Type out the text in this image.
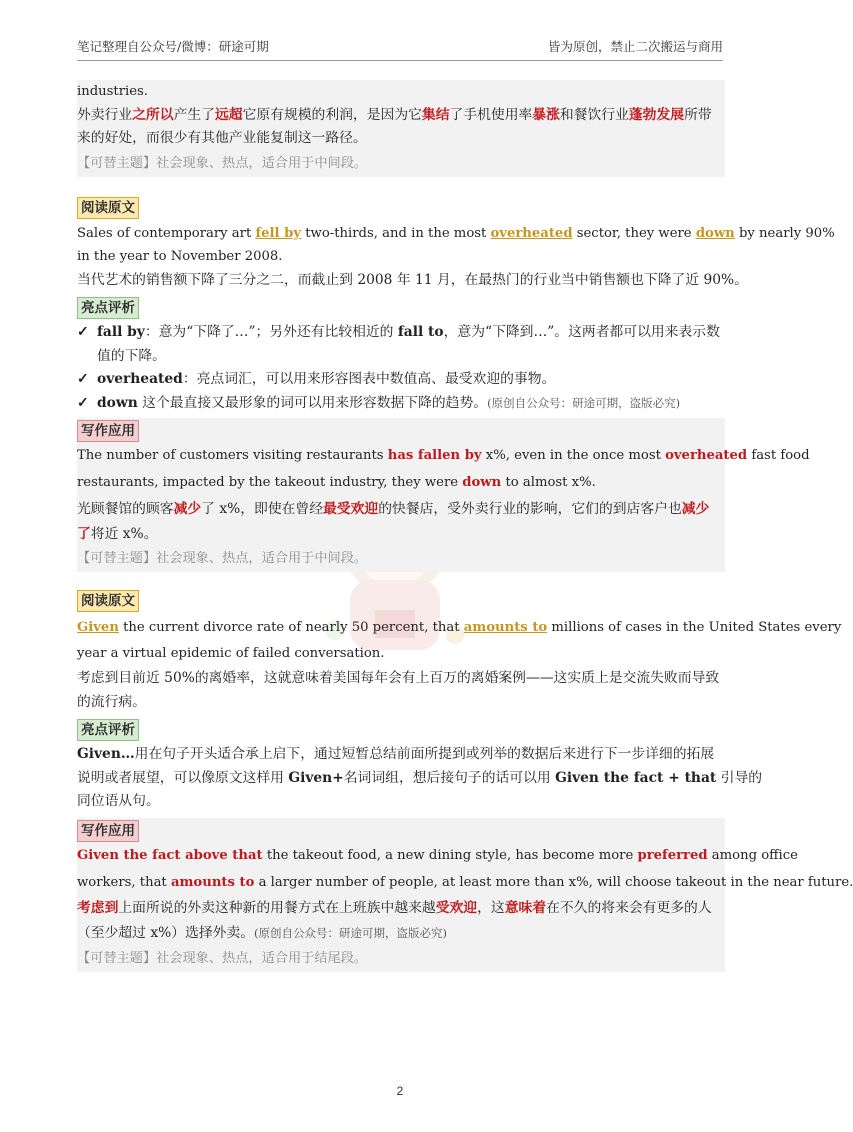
笔记整理自公众号/微博：研途可期	皆为原创，禁止二次搬运与商用

industries.

外卖行业之所以产生了远超它原有规模的利润，是因为它集结了手机使用率暴涨和餐饮行业蓬勃发展所带

来的好处，而很少有其他产业能复制这一路径。

【可替主题】社会现象、热点，适合用于中间段。

阅读原文

Sales of contemporary art fell by two-thirds, and in the most overheated sector, they were down by nearly 90%

in the year to November 2008.

当代艺术的销售额下降了三分之二，而截止到 2008 年 11 月，在最热门的行业当中销售额也下降了近 90%。

亮点评析

✓ fall by：意为“下降了…”；另外还有比较相近的 fall to，意为“下降到…”。这两者都可以用来表示数

值的下降。

✓ overheated：亮点词汇，可以用来形容图表中数值高、最受欢迎的事物。

✓ down 这个最直接又最形象的词可以用来形容数据下降的趋势。(原创自公众号：研途可期，盗版必究)

写作应用

The number of customers visiting restaurants has fallen by x%, even in the once most overheated fast food

restaurants, impacted by the takeout industry, they were down to almost x%.

光顾餐馆的顾客减少了 x%，即使在曾经最受欢迎的快餐店，受外卖行业的影响，它们的到店客户也减少

了将近 x%。

【可替主题】社会现象、热点，适合用于中间段。

阅读原文

Given the current divorce rate of nearly 50 percent, that amounts to millions of cases in the United States every

year a virtual epidemic of failed conversation.

考虑到目前近 50%的离婚率，这就意味着美国每年会有上百万的离婚案例——这实质上是交流失败而导致

的流行病。

亮点评析

Given…用在句子开头适合承上启下，通过短暂总结前面所提到或列举的数据后来进行下一步详细的拓展

说明或者展望，可以像原文这样用 Given+名词词组，想后接句子的话可以用 Given the fact + that 引导的

同位语从句。

写作应用

Given the fact above that the takeout food, a new dining style, has become more preferred among office

workers, that amounts to a larger number of people, at least more than x%, will choose takeout in the near future.

考虑到上面所说的外卖这种新的用餐方式在上班族中越来越受欢迎，这意味着在不久的将来会有更多的人

（至少超过 x%）选择外卖。(原创自公众号：研途可期，盗版必究)

【可替主题】社会现象、热点，适合用于结尾段。

2
